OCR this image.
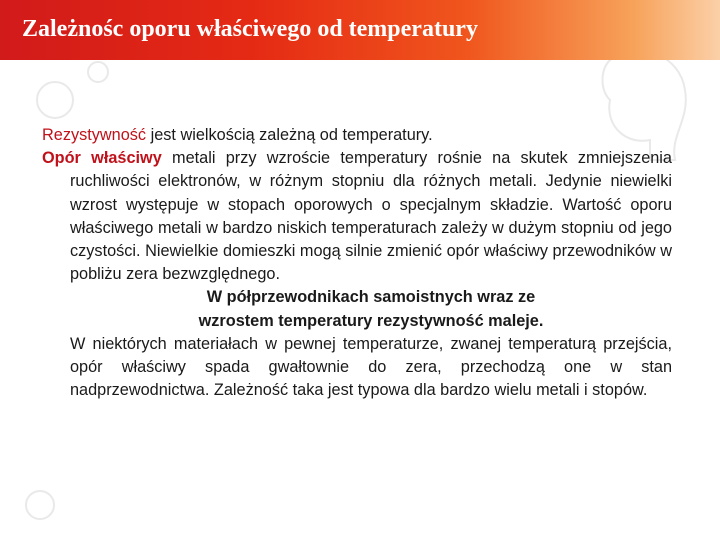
Zależnośc oporu właściwego od temperatury

Rezystywność jest wielkością zależną od temperatury.

Opór właściwy metali przy wzroście temperatury rośnie na skutek zmniejszenia ruchliwości elektronów, w różnym stopniu dla różnych metali. Jedynie niewielki wzrost występuje w stopach oporowych o specjalnym składzie. Wartość oporu właściwego metali w bardzo niskich temperaturach zależy w dużym stopniu od jego czystości. Niewielkie domieszki mogą silnie zmienić opór właściwy przewodników w pobliżu zera bezwzględnego.

W półprzewodnikach samoistnych wraz ze
wzrostem temperatury rezystywność maleje.

W niektórych materiałach w pewnej temperaturze, zwanej temperaturą przejścia, opór właściwy spada gwałtownie do zera, przechodzą one w stan nadprzewodnictwa. Zależność taka jest typowa dla bardzo wielu metali i stopów.
